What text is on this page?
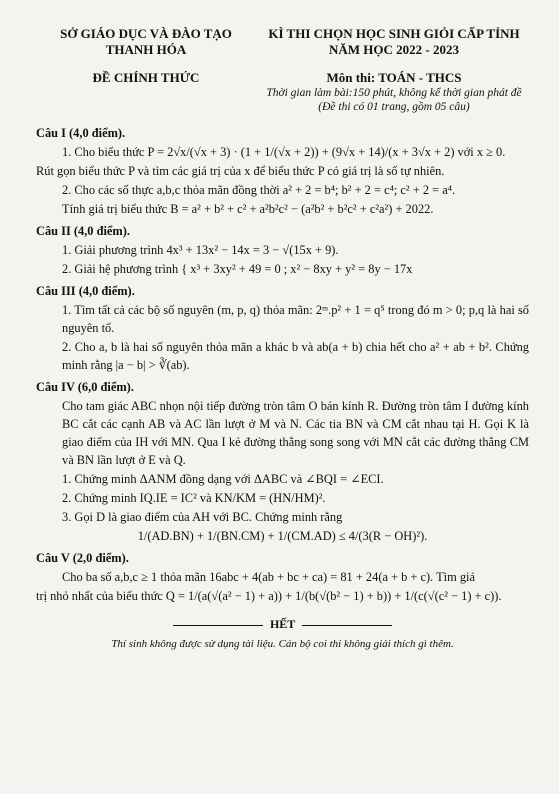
SỞ GIÁO DỤC VÀ ĐÀO TẠO
THANH HÓA
ĐỀ CHÍNH THỨC
KÌ THI CHỌN HỌC SINH GIỎI CẤP TỈNH
NĂM HỌC 2022 - 2023
Môn thi: TOÁN - THCS
Thời gian làm bài:150 phút, không kể thời gian phát đề
(Đề thi có 01 trang, gồm 05 câu)
Câu I (4,0 điểm).
1. Cho biểu thức P = 2√x/(√x + 3) · (1 + 1/(√x + 2)) + (9√x + 14)/(x + 3√x + 2) với x ≥ 0.
Rút gọn biểu thức P và tìm các giá trị của x để biểu thức P có giá trị là số tự nhiên.
2. Cho các số thực a,b,c thỏa mãn đồng thời a² + 2 = b⁴; b² + 2 = c⁴; c² + 2 = a⁴.
Tính giá trị biểu thức B = a² + b² + c² + a²b²c² − (a²b² + b²c² + c²a²) + 2022.
Câu II (4,0 điểm).
1. Giải phương trình 4x³ + 13x² − 14x = 3 − √(15x + 9).
2. Giải hệ phương trình { x³ + 3xy² + 49 = 0 ; x² − 8xy + y² = 8y − 17x
Câu III (4,0 điểm).
1. Tìm tất cả các bộ số nguyên (m, p, q) thỏa mãn: 2ᵐ.p² + 1 = q⁵ trong đó m > 0; p,q là hai số nguyên tố.
2. Cho a, b là hai số nguyên thỏa mãn a khác b và ab(a + b) chia hết cho a² + ab + b². Chứng minh rằng |a − b| > ∛(ab).
Câu IV (6,0 điểm).
Cho tam giác ABC nhọn nội tiếp đường tròn tâm O bán kính R. Đường tròn tâm I đường kính BC cắt các cạnh AB và AC lần lượt ở M và N. Các tia BN và CM cắt nhau tại H. Gọi K là giao điểm của IH với MN. Qua I kẻ đường thẳng song song với MN cắt các đường thẳng CM và BN lần lượt ở E và Q.
1. Chứng minh ΔANM đồng dạng với ΔABC và ∠BQI = ∠ECI.
2. Chứng minh IQ.IE = IC² và KN/KM = (HN/HM)².
3. Gọi D là giao điểm của AH với BC. Chứng minh rằng
1/(AD.BN) + 1/(BN.CM) + 1/(CM.AD) ≤ 4/(3(R − OH)²).
Câu V (2,0 điểm).
Cho ba số a,b,c ≥ 1 thỏa mãn 16abc + 4(ab + bc + ca) = 81 + 24(a + b + c). Tìm giá
trị nhỏ nhất của biểu thức Q = 1/(a(√(a² − 1) + a)) + 1/(b(√(b² − 1) + b)) + 1/(c(√(c² − 1) + c)).
HẾT
Thí sinh không được sử dụng tài liệu. Cán bộ coi thi không giải thích gì thêm.
